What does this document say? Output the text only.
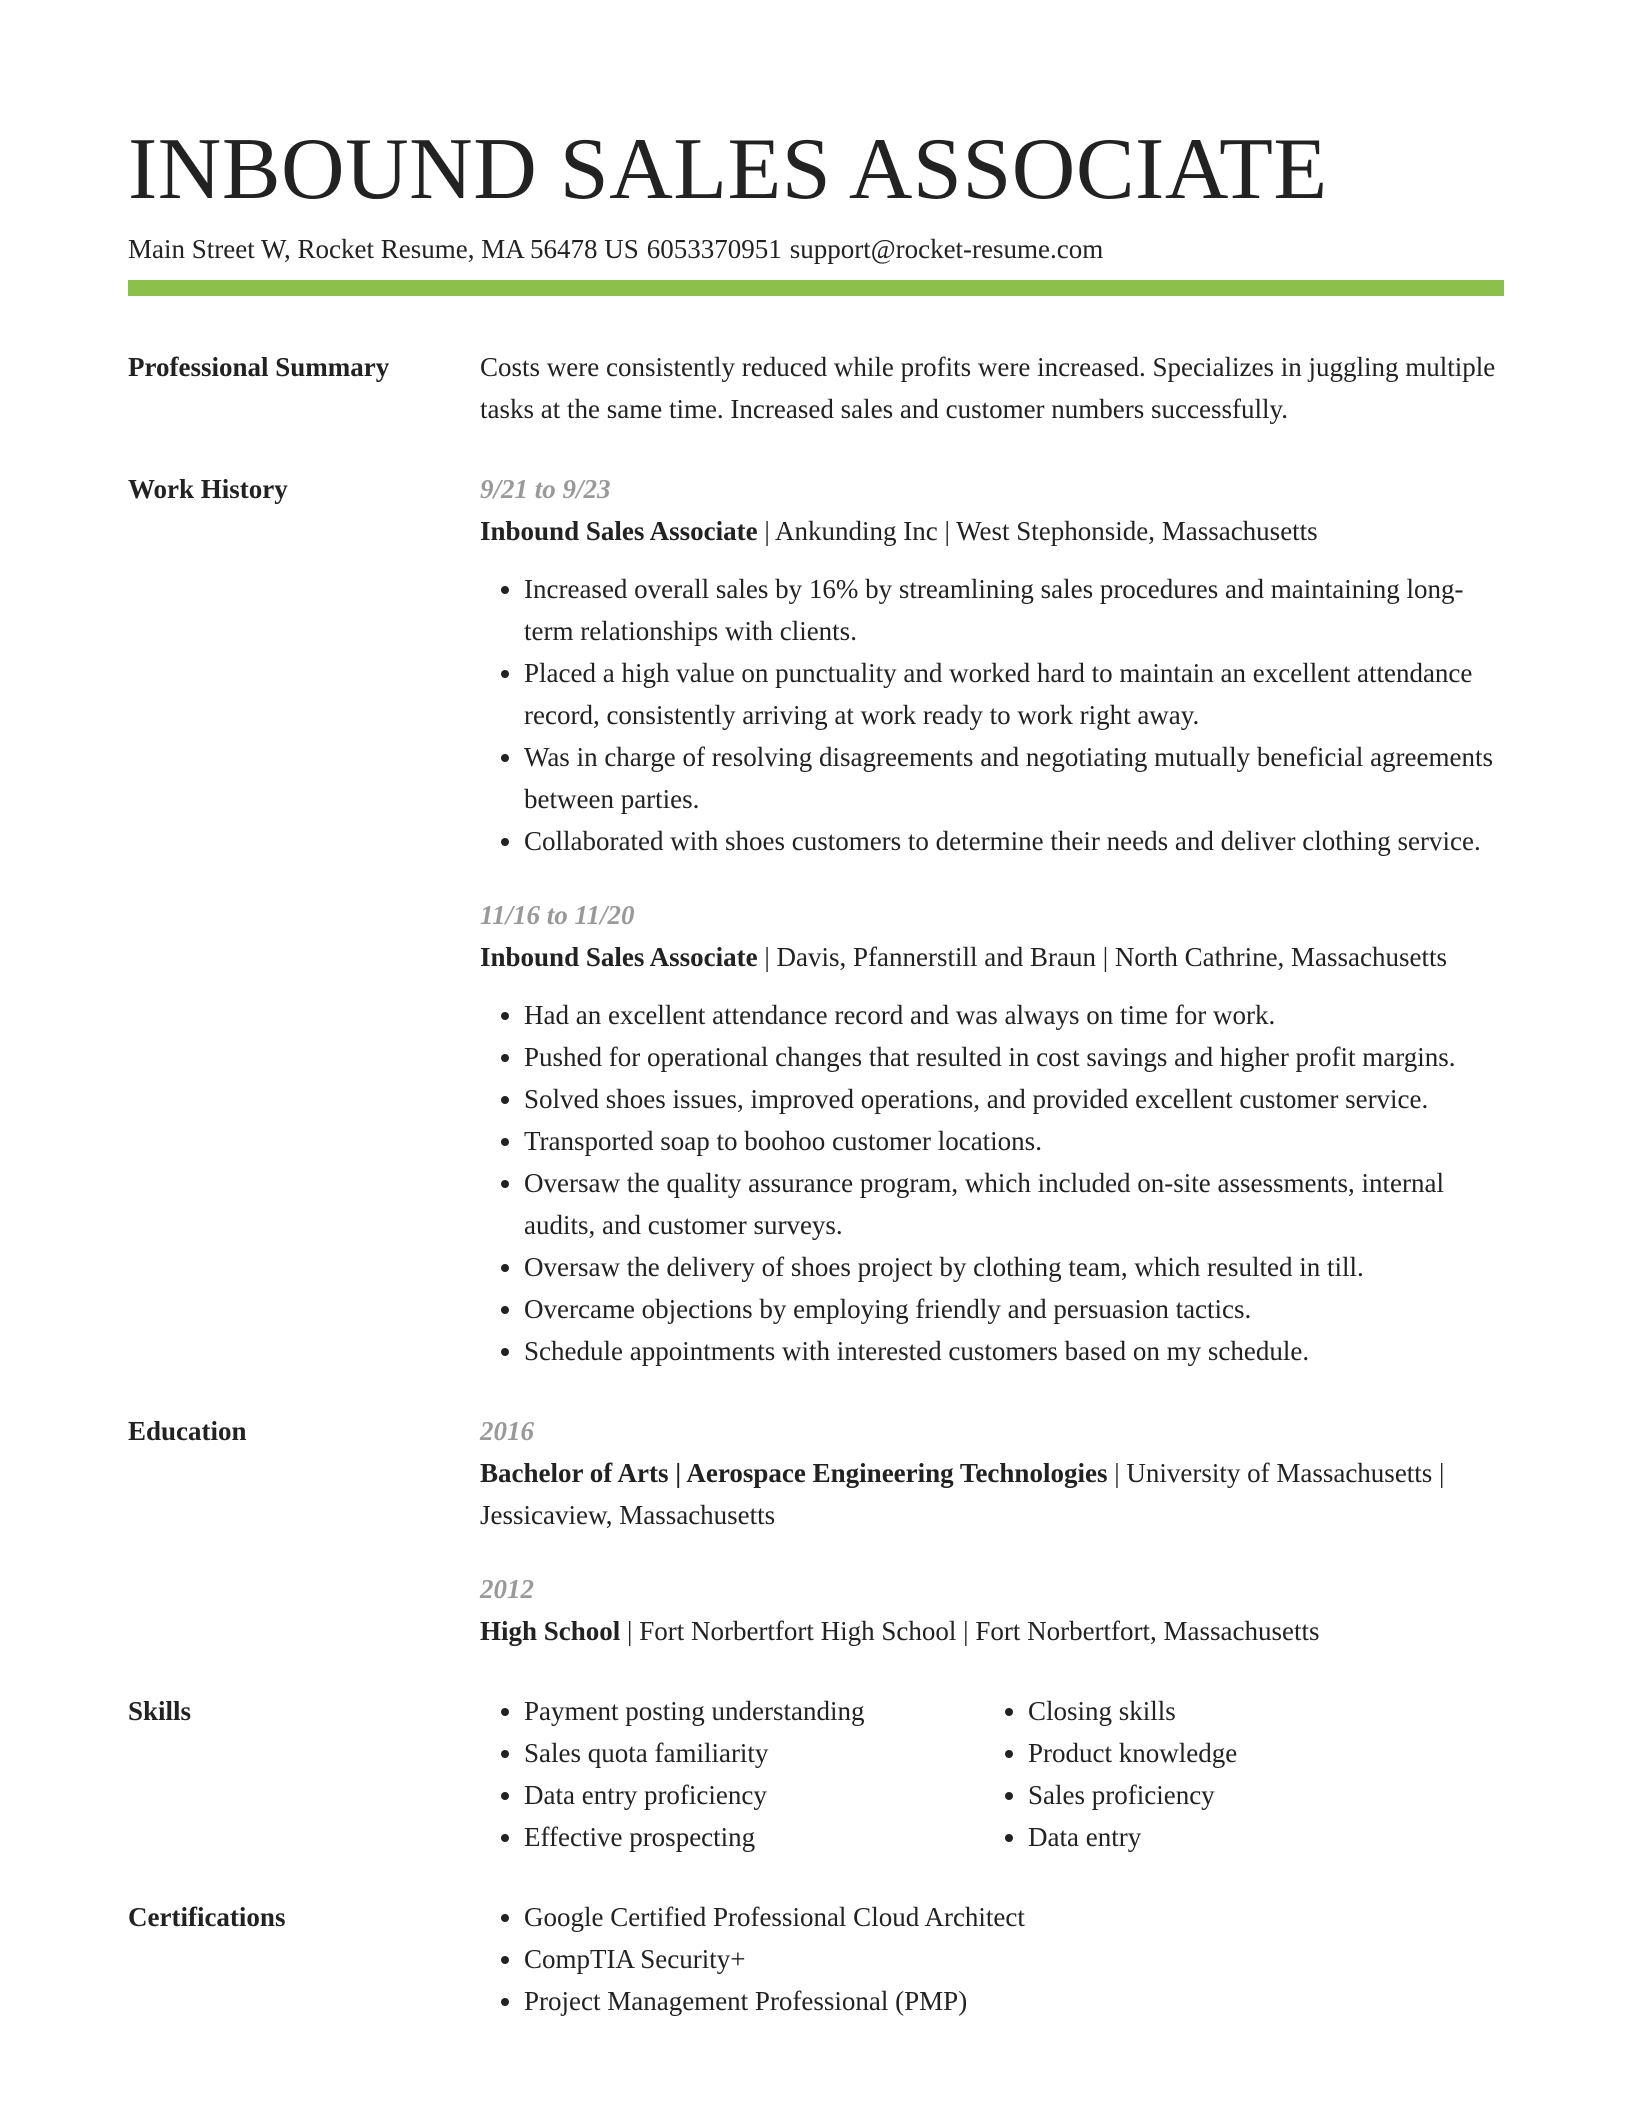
INBOUND SALES ASSOCIATE
Main Street W, Rocket Resume, MA 56478 US 6053370951 support@rocket-resume.com
Professional Summary	Costs were consistently reduced while profits were increased. Specializes in juggling multiple tasks at the same time. Increased sales and customer numbers successfully.

Work History	9/21 to 9/23
Inbound Sales Associate | Ankunding Inc | West Stephonside, Massachusetts
• Increased overall sales by 16% by streamlining sales procedures and maintaining long-term relationships with clients.
• Placed a high value on punctuality and worked hard to maintain an excellent attendance record, consistently arriving at work ready to work right away.
• Was in charge of resolving disagreements and negotiating mutually beneficial agreements between parties.
• Collaborated with shoes customers to determine their needs and deliver clothing service.
11/16 to 11/20
Inbound Sales Associate | Davis, Pfannerstill and Braun | North Cathrine, Massachusetts
• Had an excellent attendance record and was always on time for work.
• Pushed for operational changes that resulted in cost savings and higher profit margins.
• Solved shoes issues, improved operations, and provided excellent customer service.
• Transported soap to boohoo customer locations.
• Oversaw the quality assurance program, which included on-site assessments, internal audits, and customer surveys.
• Oversaw the delivery of shoes project by clothing team, which resulted in till.
• Overcame objections by employing friendly and persuasion tactics.
• Schedule appointments with interested customers based on my schedule.
Education	2016
Bachelor of Arts | Aerospace Engineering Technologies | University of Massachusetts | Jessicaview, Massachusetts
2012
High School | Fort Norbertfort High School | Fort Norbertfort, Massachusetts
Skills	• Payment posting understanding
• Sales quota familiarity
• Data entry proficiency
• Effective prospecting
• Closing skills
• Product knowledge
• Sales proficiency
• Data entry
Certifications	• Google Certified Professional Cloud Architect
• CompTIA Security+
• Project Management Professional (PMP)
